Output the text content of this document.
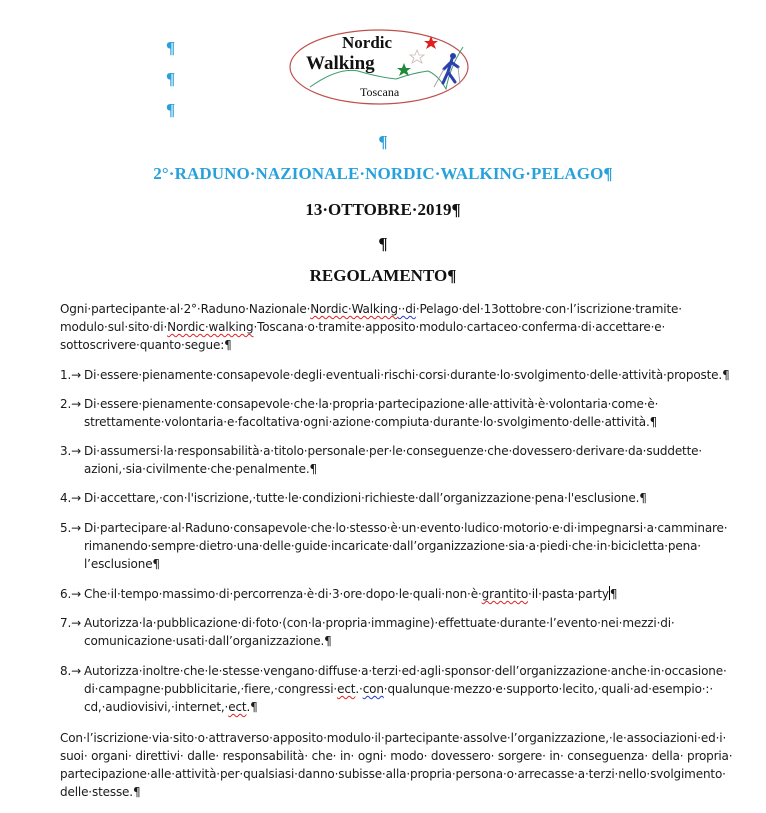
¶
¶
¶
Nordic
Walking
Toscana
¶
2°·RADUNO·NAZIONALE·NORDIC·WALKING·PELAGO¶
13·OTTOBRE·2019¶
¶
REGOLAMENTO¶
Ogni·partecipante·al·2°·Raduno·Nazionale·Nordic·Walking··di·Pelago·del·13ottobre·con·l’iscrizione·tramite·
modulo·sul·sito·di·Nordic·walking·Toscana·o·tramite·apposito·modulo·cartaceo·conferma·di·accettare·e·
sottoscrivere·quanto·segue:¶
1.→ Di·essere·pienamente·consapevole·degli·eventuali·rischi·corsi·durante·lo·svolgimento·delle·attività·proposte.¶
2.→ Di·essere·pienamente·consapevole·che·la·propria·partecipazione·alle·attività·è·volontaria·come·è·
strettamente·volontaria·e·facoltativa·ogni·azione·compiuta·durante·lo·svolgimento·delle·attività.¶
3.→ Di·assumersi·la·responsabilità·a·titolo·personale·per·le·conseguenze·che·dovessero·derivare·da·suddette·
azioni,·sia·civilmente·che·penalmente.¶
4.→ Di·accettare,·con·l'iscrizione,·tutte·le·condizioni·richieste·dall’organizzazione·pena·l'esclusione.¶
5.→ Di·partecipare·al·Raduno·consapevole·che·lo·stesso·è·un·evento·ludico·motorio·e·di·impegnarsi·a·camminare·
rimanendo·sempre·dietro·una·delle·guide·incaricate·dall’organizzazione·sia·a·piedi·che·in·bicicletta·pena·
l’esclusione¶
6.→ Che·il·tempo·massimo·di·percorrenza·è·di·3·ore·dopo·le·quali·non·è·grantito·il·pasta·party¶
7.→ Autorizza·la·pubblicazione·di·foto·(con·la·propria·immagine)·effettuate·durante·l’evento·nei·mezzi·di·
comunicazione·usati·dall’organizzazione.¶
8.→ Autorizza·inoltre·che·le·stesse·vengano·diffuse·a·terzi·ed·agli·sponsor·dell’organizzazione·anche·in·occasione·
di·campagne·pubblicitarie,·fiere,·congressi·ect.·con·qualunque·mezzo·e·supporto·lecito,·quali·ad·esempio·:·
cd,·audiovisivi,·internet,·ect.¶
Con·l’iscrizione·via·sito·o·attraverso·apposito·modulo·il·partecipante·assolve·l’organizzazione,·le·associazioni·ed·i·
suoi· organi· direttivi· dalle· responsabilità· che· in· ogni· modo· dovessero· sorgere· in· conseguenza· della· propria·
partecipazione·alle·attività·per·qualsiasi·danno·subisse·alla·propria·persona·o·arrecasse·a·terzi·nello·svolgimento·
delle·stesse.¶
